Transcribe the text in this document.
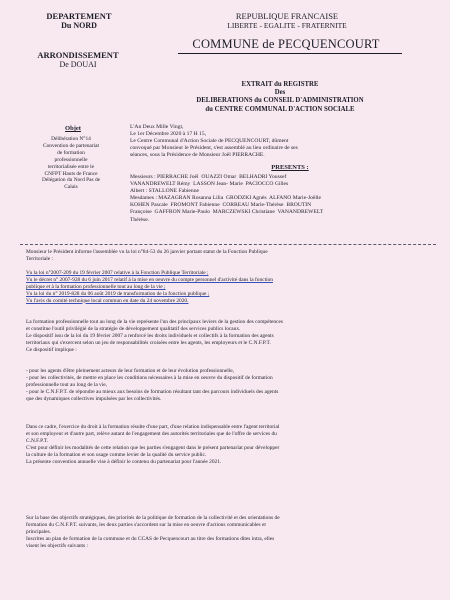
DEPARTEMENT
Du NORD
ARRONDISSEMENT
De DOUAI
REPUBLIQUE FRANCAISE
LIBERTE - EGALITE - FRATERNITE
COMMUNE de PECQUENCOURT
EXTRAIT du REGISTRE
Des
DELIBERATIONS du CONSEIL D'ADMINISTRATION
du CENTRE COMMUNAL D'ACTION SOCIALE
Objet
Délibération N°14
Convention de partenariat
de formation
professionnelle
territorialisée entre le
CNFPT Hauts de France
Délégation du Nord Pas de
Calais
L'An Deux Mille Vingt,
Le 1er Décembre 2020 à 17 H 15,
Le Centre Communal d'Action Sociale de PECQUENCOURT, dûment
convoqué par Monsieur le Président, s'est assemblé au lieu ordinaire de ses
séances, sous la Présidence de Monsieur Joël PIERRACHE.
PRESENTS :
Messieurs : PIERRACHE Joël  OUAZZI Omar  BELHADRI Youssef
VANANDREWELT Rémy  LASSON Jean- Marie  PACIOCCO Gilles
Albert : STALLONE Fabienne
Mesdames : MAZAGRAN Rosanna Lilia  GRODZKI Agnès  ALFANO Marie-Joëlle
KOHEN Pascale  FROMONT Fabienne  CORREAU Marie-Thérèse  BROUTIN
Françoise  GAFFRON Marie-Paulo  MARCZEWSKI Christiane  VANANDREWELT
Thérèse.
Monsieur le Président informe l'assemblée vu la loi n°84-53 du 26 janvier portant statut de la Fonction Publique
Territoriale :
Vu la loi n°2007-209 du 19 février 2007 relative à la Fonction Publique Territoriale ;
Vu le décret n° 2007-928 du 6 juin 2017 relatif à la mise en oeuvre du compte personnel d'activité dans la fonction
publique et à la formation professionnelle tout au long de la vie ;
Vu la loi du n° 2019-828 du 06 août 2019 de transformation de la fonction publique ;
Vu l'avis du comité technique local commun en date du 24 novembre 2020.
La formation professionnelle tout au long de la vie représente l'un des principaux leviers de la gestion des compétences
et constitue l'outil privilégié de la stratégie de développement qualitatif des services publics locaux.
Le dispositif issu de la loi du 19 février 2007 a renforcé les droits individuels et collectifs à la formation des agents
territoriaux qui s'exercent selon un jeu de responsabilités croisées entre les agents, les employeurs et le C.N.F.P.T.
Ce dispositif implique :
- pour les agents d'être pleinement acteurs de leur formation et de leur évolution professionnelle,
- pour les collectivités, de mettre en place les conditions nécessaires à la mise en oeuvre du dispositif de formation
professionnelle tout au long de la vie,
- pour le C.N.F.P.T. de répondre au mieux aux besoins de formation résultant tant des parcours individuels des agents
que des dynamiques collectives impulsées par les collectivités.
Dans ce cadre, l'exercice du droit à la formation résulte d'une part, d'une relation indispensable entre l'agent territorial
et son employeur et d'autre part, relève autant de l'engagement des autorités territoriales que de l'offre de services du
C.N.F.P.T.
C'est pour définir les modalités de cette relation que les parties s'engagent dans le présent partenariat pour développer
la culture de la formation et son usage comme levier de la qualité du service public.
La présente convention annuelle vise à définir le contenu du partenariat pour l'année 2021.
Sur la base des objectifs stratégiques, des priorités de la politique de formation de la collectivité et des orientations de
formation du C.N.F.P.T. suivants, les deux parties s'accordent sur la mise en oeuvre d'actions communicables et
principales.
Inscrites au plan de formation de la commune et du CCAS de Pecquencourt au titre des formations dites intra, elles
visent les objectifs suivants :
